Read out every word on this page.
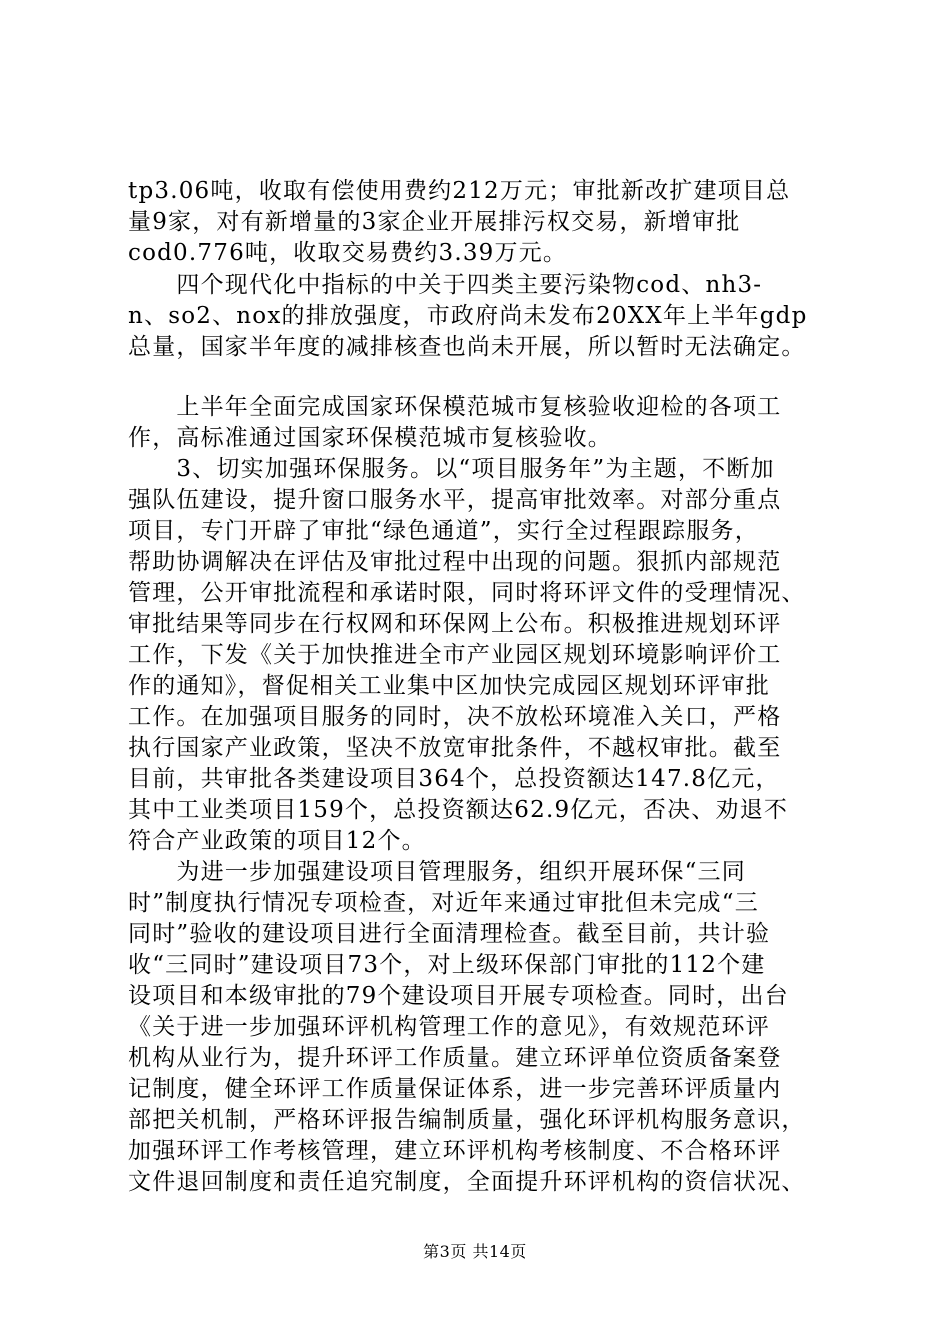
tp3.06吨，收取有偿使用费约212万元；审批新改扩建项目总
量9家，对有新增量的3家企业开展排污权交易，新增审批
cod0.776吨，收取交易费约3.39万元。
　　四个现代化中指标的中关于四类主要污染物cod、nh3-
n、so2、nox的排放强度，市政府尚未发布20XX年上半年gdp
总量，国家半年度的减排核查也尚未开展，所以暂时无法确定。
　　上半年全面完成国家环保模范城市复核验收迎检的各项工
作，高标准通过国家环保模范城市复核验收。
　　3、切实加强环保服务。以“项目服务年”为主题，不断加
强队伍建设，提升窗口服务水平，提高审批效率。对部分重点
项目，专门开辟了审批“绿色通道”，实行全过程跟踪服务，
帮助协调解决在评估及审批过程中出现的问题。狠抓内部规范
管理，公开审批流程和承诺时限，同时将环评文件的受理情况、
审批结果等同步在行权网和环保网上公布。积极推进规划环评
工作，下发《关于加快推进全市产业园区规划环境影响评价工
作的通知》，督促相关工业集中区加快完成园区规划环评审批
工作。在加强项目服务的同时，决不放松环境准入关口，严格
执行国家产业政策，坚决不放宽审批条件，不越权审批。截至
目前，共审批各类建设项目364个，总投资额达147.8亿元，
其中工业类项目159个，总投资额达62.9亿元，否决、劝退不
符合产业政策的项目12个。
　　为进一步加强建设项目管理服务，组织开展环保“三同
时”制度执行情况专项检查，对近年来通过审批但未完成“三
同时”验收的建设项目进行全面清理检查。截至目前，共计验
收“三同时”建设项目73个，对上级环保部门审批的112个建
设项目和本级审批的79个建设项目开展专项检查。同时，出台
《关于进一步加强环评机构管理工作的意见》，有效规范环评
机构从业行为，提升环评工作质量。建立环评单位资质备案登
记制度，健全环评工作质量保证体系，进一步完善环评质量内
部把关机制，严格环评报告编制质量，强化环评机构服务意识，
加强环评工作考核管理，建立环评机构考核制度、不合格环评
文件退回制度和责任追究制度，全面提升环评机构的资信状况、
第3页 共14页
